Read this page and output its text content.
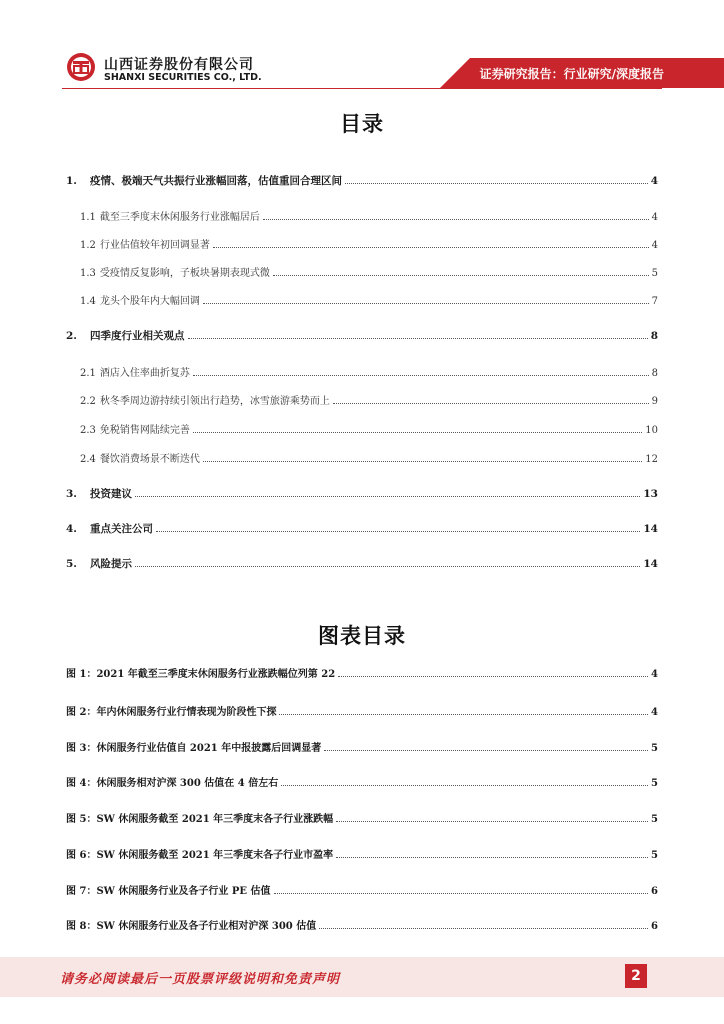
山西证券股份有限公司
SHANXI SECURITIES CO., LTD.	证券研究报告：行业研究/深度报告
目录
1.	疫情、极端天气共振行业涨幅回落，估值重回合理区间	4
1.1 截至三季度末休闲服务行业涨幅居后	4
1.2 行业估值较年初回调显著	4
1.3 受疫情反复影响，子板块暑期表现式微	5
1.4 龙头个股年内大幅回调	7
2.	四季度行业相关观点	8
2.1 酒店入住率曲折复苏	8
2.2 秋冬季周边游持续引领出行趋势，冰雪旅游乘势而上	9
2.3 免税销售网陆续完善	10
2.4 餐饮消费场景不断迭代	12
3.	投资建议	13
4.	重点关注公司	14
5.	风险提示	14
图表目录
图 1： 2021 年截至三季度末休闲服务行业涨跌幅位列第 22	4
图 2： 年内休闲服务行业行情表现为阶段性下探	4
图 3： 休闲服务行业估值自 2021 年中报披露后回调显著	5
图 4： 休闲服务相对沪深 300 估值在 4 倍左右	5
图 5： SW 休闲服务截至 2021 年三季度末各子行业涨跌幅	5
图 6： SW 休闲服务截至 2021 年三季度末各子行业市盈率	5
图 7： SW 休闲服务行业及各子行业 PE 估值	6
图 8： SW 休闲服务行业及各子行业相对沪深 300 估值	6
请务必阅读最后一页股票评级说明和免责声明	2
